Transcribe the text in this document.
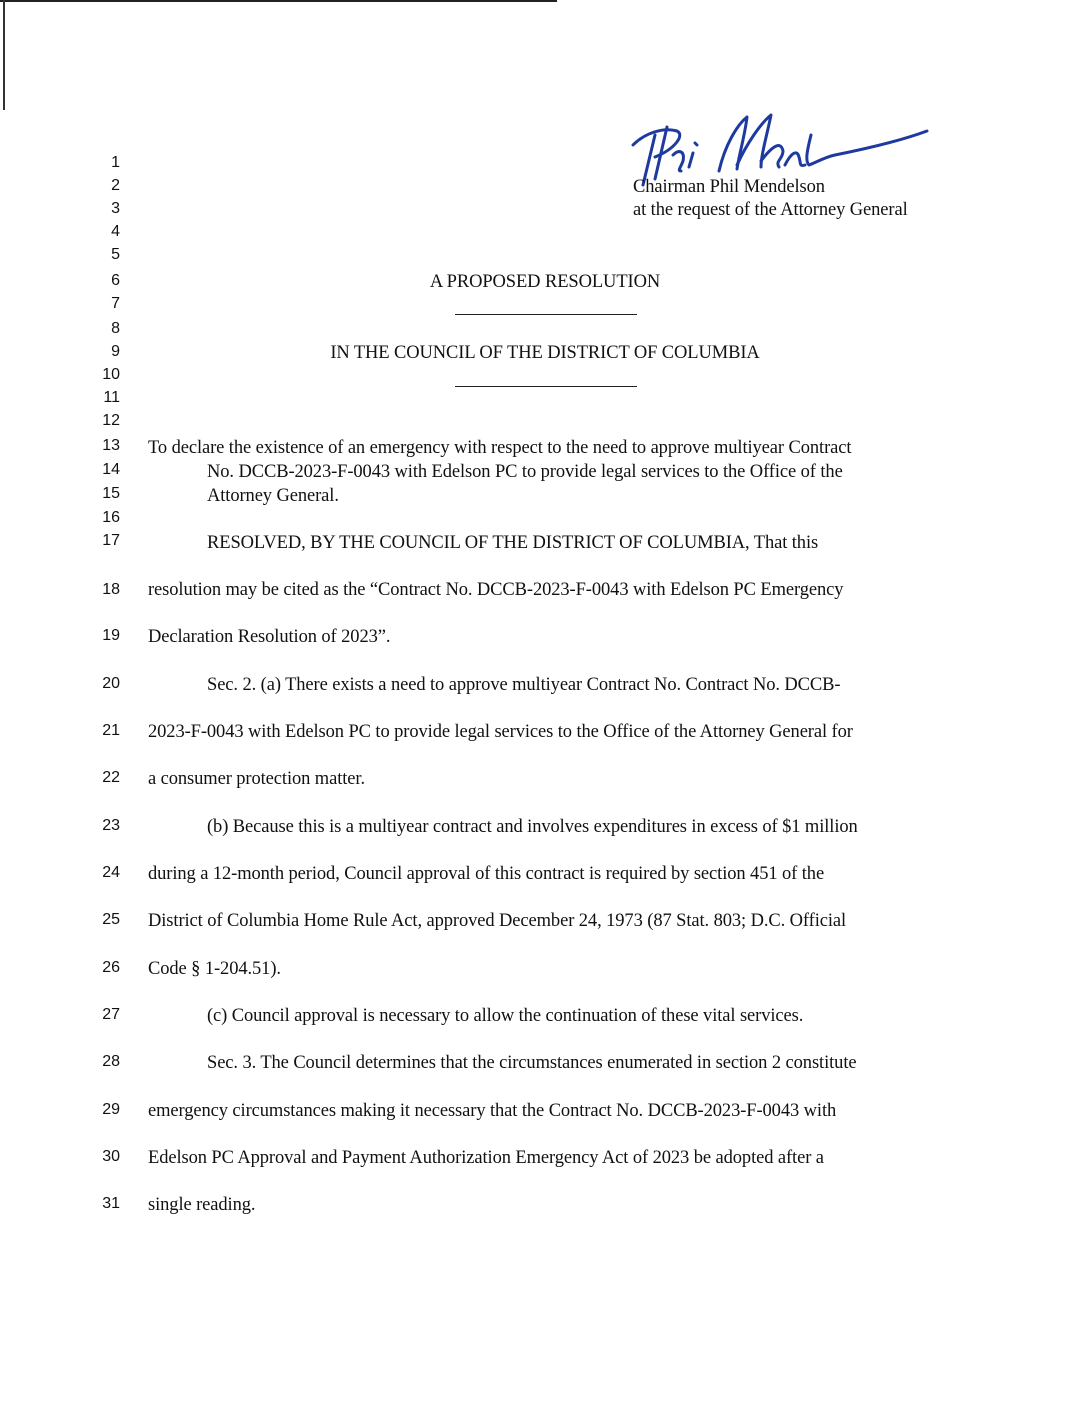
1
2
3
4
5
6
7
8
9
10
11
12
13
14
15
16
17
18
19
20
21
22
23
24
25
26
27
28
29
30
31
Chairman Phil Mendelson
at the request of the Attorney General
A PROPOSED RESOLUTION
IN THE COUNCIL OF THE DISTRICT OF COLUMBIA
To declare the existence of an emergency with respect to the need to approve multiyear Contract
No. DCCB-2023-F-0043 with Edelson PC to provide legal services to the Office of the
Attorney General.
RESOLVED, BY THE COUNCIL OF THE DISTRICT OF COLUMBIA, That this
resolution may be cited as the “Contract No. DCCB-2023-F-0043 with Edelson PC Emergency
Declaration Resolution of 2023”.
Sec. 2. (a) There exists a need to approve multiyear Contract No. Contract No. DCCB-
2023-F-0043 with Edelson PC to provide legal services to the Office of the Attorney General for
a consumer protection matter.
(b) Because this is a multiyear contract and involves expenditures in excess of $1 million
during a 12-month period, Council approval of this contract is required by section 451 of the
District of Columbia Home Rule Act, approved December 24, 1973 (87 Stat. 803; D.C. Official
Code § 1-204.51).
(c) Council approval is necessary to allow the continuation of these vital services.
Sec. 3. The Council determines that the circumstances enumerated in section 2 constitute
emergency circumstances making it necessary that the Contract No. DCCB-2023-F-0043 with
Edelson PC Approval and Payment Authorization Emergency Act of 2023 be adopted after a
single reading.
